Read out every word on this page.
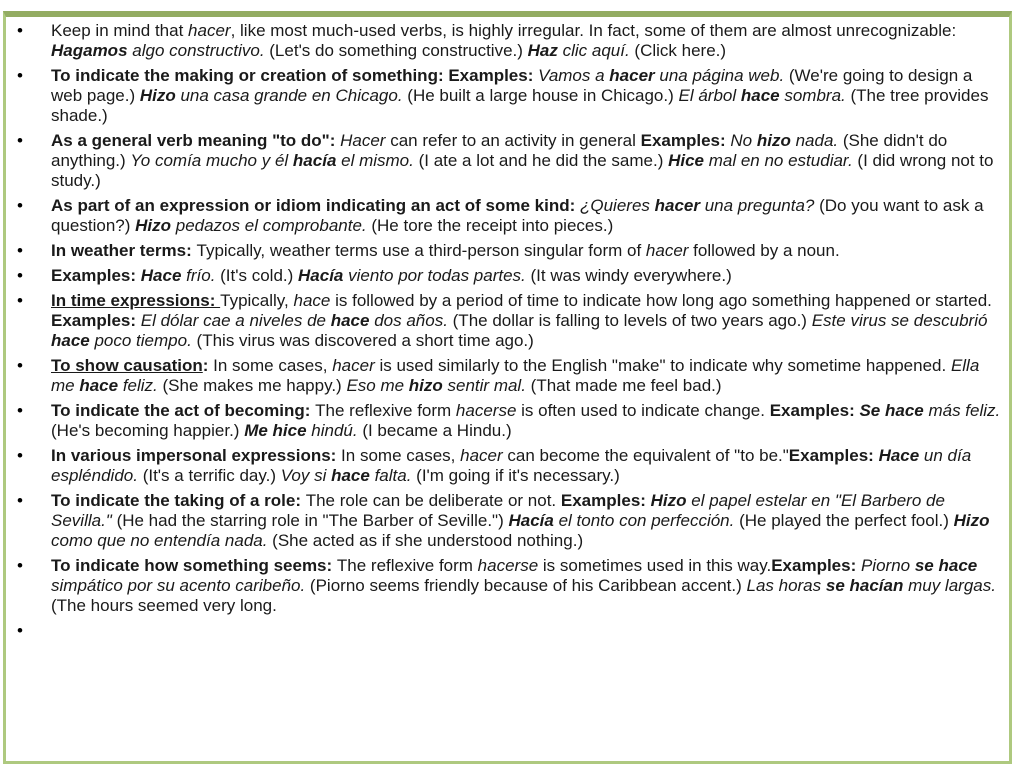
• Keep in mind that hacer, like most much-used verbs, is highly irregular. In fact, some of them are almost unrecognizable: Hagamos algo constructivo. (Let's do something constructive.) Haz clic aquí. (Click here.)
• To indicate the making or creation of something: Examples: Vamos a hacer una página web. (We're going to design a web page.) Hizo una casa grande en Chicago. (He built a large house in Chicago.) El árbol hace sombra. (The tree provides shade.)
• As a general verb meaning "to do": Hacer can refer to an activity in general Examples: No hizo nada. (She didn't do anything.) Yo comía mucho y él hacía el mismo. (I ate a lot and he did the same.) Hice mal en no estudiar. (I did wrong not to study.)
• As part of an expression or idiom indicating an act of some kind: ¿Quieres hacer una pregunta? (Do you want to ask a question?) Hizo pedazos el comprobante. (He tore the receipt into pieces.)
• In weather terms: Typically, weather terms use a third-person singular form of hacer followed by a noun.
• Examples: Hace frío. (It's cold.) Hacía viento por todas partes. (It was windy everywhere.)
• In time expressions: Typically, hace is followed by a period of time to indicate how long ago something happened or started. Examples: El dólar cae a niveles de hace dos años. (The dollar is falling to levels of two years ago.) Este virus se descubrió hace poco tiempo. (This virus was discovered a short time ago.)
• To show causation: In some cases, hacer is used similarly to the English "make" to indicate why sometime happened. Ella me hace feliz. (She makes me happy.) Eso me hizo sentir mal. (That made me feel bad.)
• To indicate the act of becoming: The reflexive form hacerse is often used to indicate change. Examples: Se hace más feliz. (He's becoming happier.) Me hice hindú. (I became a Hindu.)
• In various impersonal expressions: In some cases, hacer can become the equivalent of "to be."Examples: Hace un día espléndido. (It's a terrific day.) Voy si hace falta. (I'm going if it's necessary.)
• To indicate the taking of a role: The role can be deliberate or not. Examples: Hizo el papel estelar en "El Barbero de Sevilla." (He had the starring role in "The Barber of Seville.") Hacía el tonto con perfección. (He played the perfect fool.) Hizo como que no entendía nada. (She acted as if she understood nothing.)
• To indicate how something seems: The reflexive form hacerse is sometimes used in this way.Examples: Piorno se hace simpático por su acento caribeño. (Piorno seems friendly because of his Caribbean accent.) Las horas se hacían muy largas. (The hours seemed very long.
•
